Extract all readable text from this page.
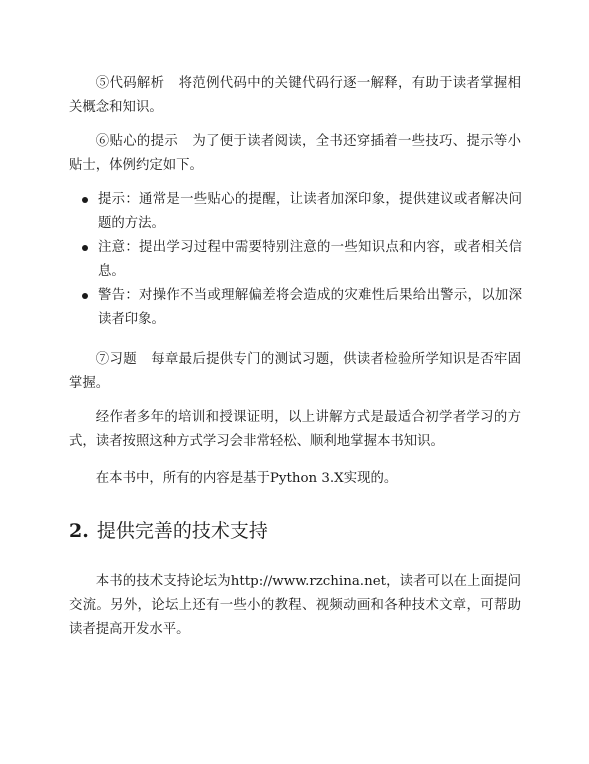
⑤代码解析 将范例代码中的关键代码行逐一解释，有助于读者掌握相关概念和知识。

⑥贴心的提示 为了便于读者阅读，全书还穿插着一些技巧、提示等小贴士，体例约定如下。

提示：通常是一些贴心的提醒，让读者加深印象，提供建议或者解决问题的方法。
注意：提出学习过程中需要特别注意的一些知识点和内容，或者相关信息。
警告：对操作不当或理解偏差将会造成的灾难性后果给出警示，以加深读者印象。

⑦习题 每章最后提供专门的测试习题，供读者检验所学知识是否牢固掌握。

经作者多年的培训和授课证明，以上讲解方式是最适合初学者学习的方式，读者按照这种方式学习会非常轻松、顺利地掌握本书知识。

在本书中，所有的内容是基于Python 3.X实现的。

2. 提供完善的技术支持

本书的技术支持论坛为http://www.rzchina.net，读者可以在上面提问交流。另外，论坛上还有一些小的教程、视频动画和各种技术文章，可帮助读者提高开发水平。
